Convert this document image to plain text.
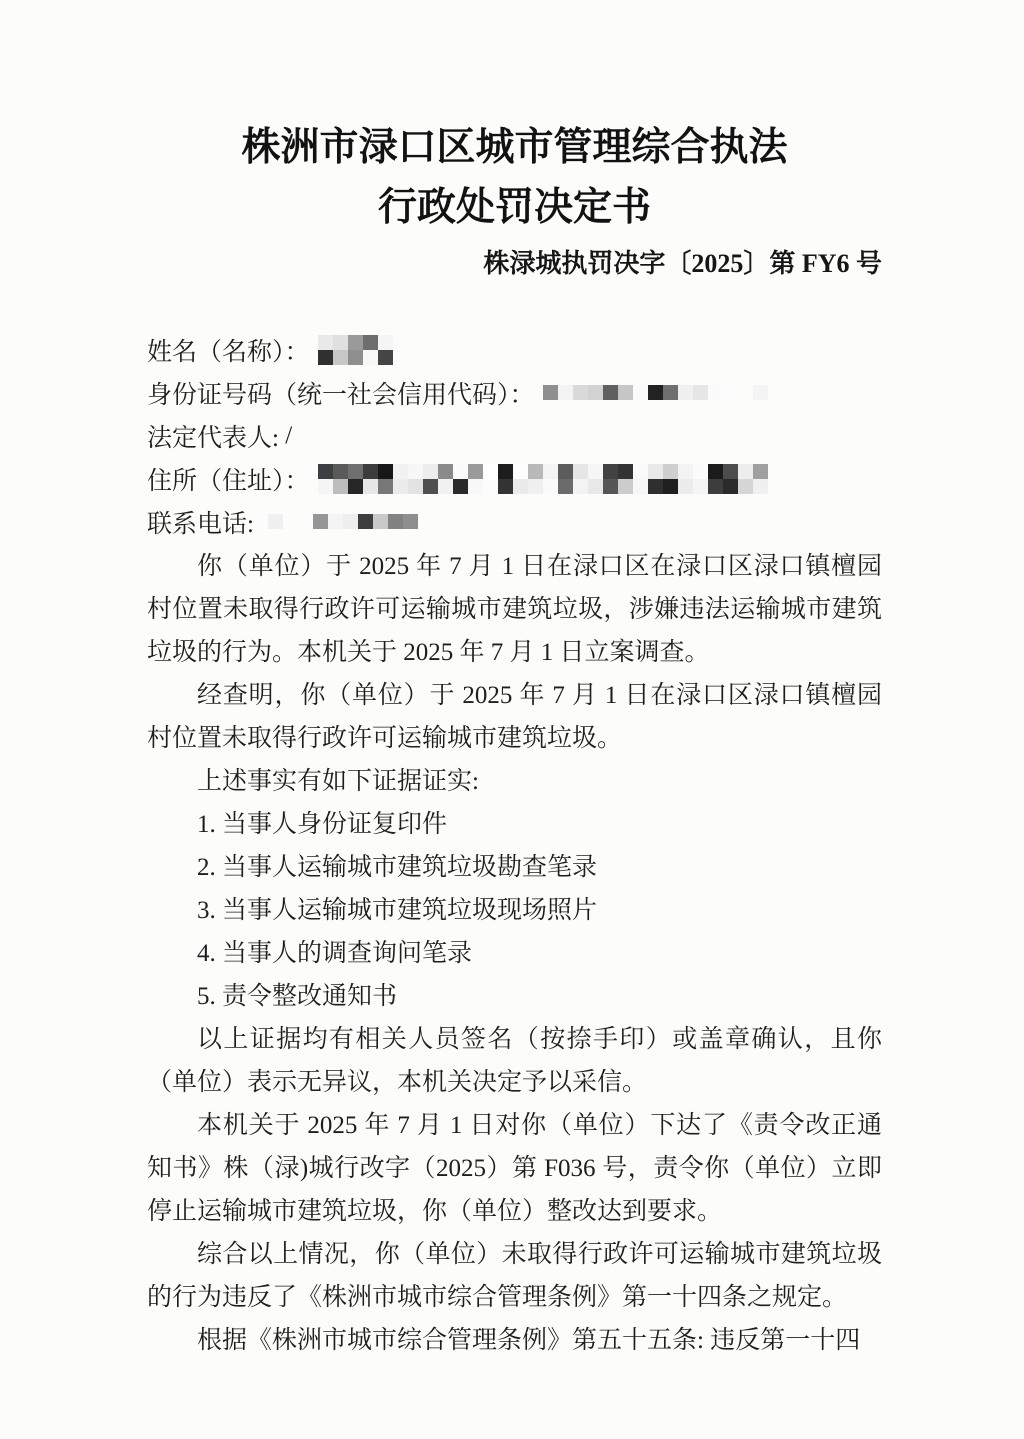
株洲市渌口区城市管理综合执法
行政处罚决定书
株渌城执罚决字〔2025〕第 FY6 号
姓名（名称）：
身份证号码（统一社会信用代码）：
法定代表人: /
住所（住址）：
联系电话:

你（单位）于 2025 年 7 月 1 日在渌口区在渌口区渌口镇檀园村位置未取得行政许可运输城市建筑垃圾，涉嫌违法运输城市建筑垃圾的行为。本机关于 2025 年 7 月 1 日立案调查。

经查明，你（单位）于 2025 年 7 月 1 日在渌口区渌口镇檀园村位置未取得行政许可运输城市建筑垃圾。

上述事实有如下证据证实:

1. 当事人身份证复印件

2. 当事人运输城市建筑垃圾勘查笔录

3. 当事人运输城市建筑垃圾现场照片

4. 当事人的调查询问笔录

5. 责令整改通知书

以上证据均有相关人员签名（按捺手印）或盖章确认，且你（单位）表示无异议，本机关决定予以采信。

本机关于 2025 年 7 月 1 日对你（单位）下达了《责令改正通知书》株（渌)城行改字（2025）第 F036 号，责令你（单位）立即停止运输城市建筑垃圾，你（单位）整改达到要求。

综合以上情况，你（单位）未取得行政许可运输城市建筑垃圾的行为违反了《株洲市城市综合管理条例》第一十四条之规定。

根据《株洲市城市综合管理条例》第五十五条: 违反第一十四
